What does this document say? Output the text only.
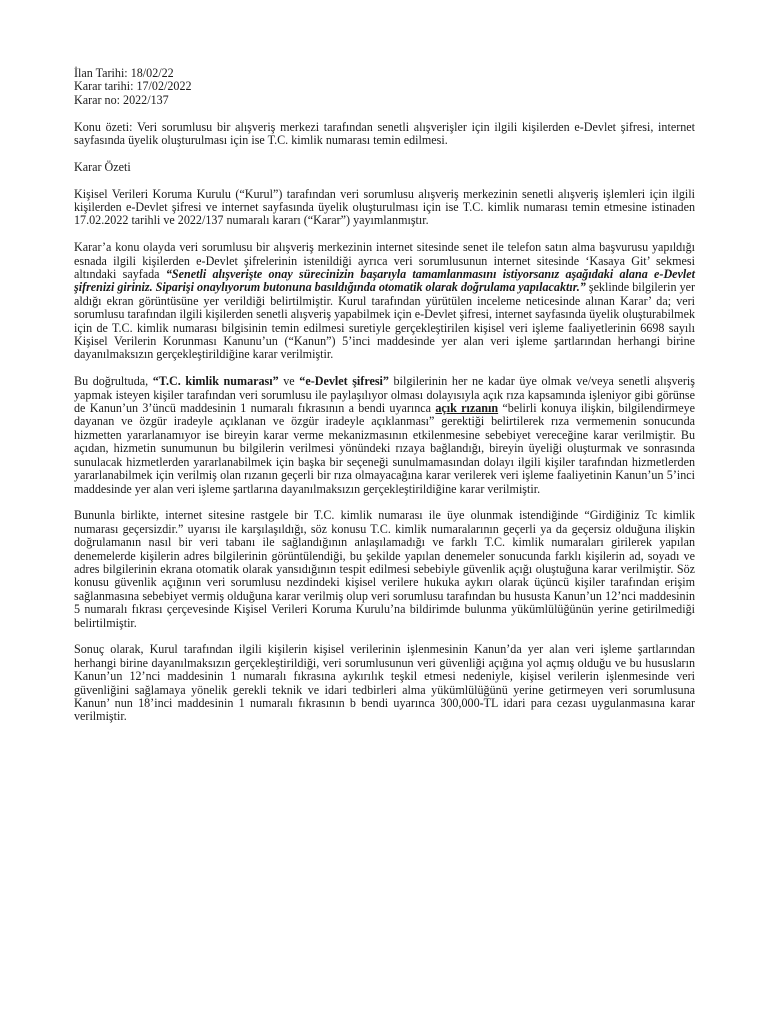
İlan Tarihi: 18/02/22

Karar tarihi: 17/02/2022

Karar no: 2022/137

Konu özeti: Veri sorumlusu bir alışveriş merkezi tarafından senetli alışverişler için ilgili kişilerden e-Devlet şifresi, internet sayfasında üyelik oluşturulması için ise T.C. kimlik numarası temin edilmesi.

Karar Özeti

Kişisel Verileri Koruma Kurulu (“Kurul”) tarafından veri sorumlusu alışveriş merkezinin senetli alışveriş işlemleri için ilgili kişilerden e-Devlet şifresi ve internet sayfasında üyelik oluşturulması için ise T.C. kimlik numarası temin etmesine istinaden 17.02.2022 tarihli ve 2022/137 numaralı kararı (“Karar”) yayımlanmıştır.

Karar’a konu olayda veri sorumlusu bir alışveriş merkezinin internet sitesinde senet ile telefon satın alma başvurusu yapıldığı esnada ilgili kişilerden e-Devlet şifrelerinin istenildiği ayrıca veri sorumlusunun internet sitesinde ‘Kasaya Git’ sekmesi altındaki sayfada “Senetli alışverişte onay sürecinizin başarıyla tamamlanmasını istiyorsanız aşağıdaki alana e-Devlet şifrenizi giriniz. Siparişi onaylıyorum butonuna basıldığında otomatik olarak doğrulama yapılacaktır.” şeklinde bilgilerin yer aldığı ekran görüntüsüne yer verildiği belirtilmiştir. Kurul tarafından yürütülen inceleme neticesinde alınan Karar’ da; veri sorumlusu tarafından ilgili kişilerden senetli alışveriş yapabilmek için e-Devlet şifresi, internet sayfasında üyelik oluşturabilmek için de T.C. kimlik numarası bilgisinin temin edilmesi suretiyle gerçekleştirilen kişisel veri işleme faaliyetlerinin 6698 sayılı Kişisel Verilerin Korunması Kanunu’un (“Kanun”) 5’inci maddesinde yer alan veri işleme şartlarından herhangi birine dayanılmaksızın gerçekleştirildiğine karar verilmiştir.

Bu doğrultuda, “T.C. kimlik numarası” ve “e-Devlet şifresi” bilgilerinin her ne kadar üye olmak ve/veya senetli alışveriş yapmak isteyen kişiler tarafından veri sorumlusu ile paylaşılıyor olması dolayısıyla açık rıza kapsamında işleniyor gibi görünse de Kanun’un 3’üncü maddesinin 1 numaralı fıkrasının a bendi uyarınca açık rızanın “belirli konuya ilişkin, bilgilendirmeye dayanan ve özgür iradeyle açıklanan ve özgür iradeyle açıklanması” gerektiği belirtilerek rıza vermemenin sonucunda hizmetten yararlanamıyor ise bireyin karar verme mekanizmasının etkilenmesine sebebiyet vereceğine karar verilmiştir. Bu açıdan, hizmetin sunumunun bu bilgilerin verilmesi yönündeki rızaya bağlandığı, bireyin üyeliği oluşturmak ve sonrasında sunulacak hizmetlerden yararlanabilmek için başka bir seçeneği sunulmamasından dolayı ilgili kişiler tarafından hizmetlerden yararlanabilmek için verilmiş olan rızanın geçerli bir rıza olmayacağına karar verilerek veri işleme faaliyetinin Kanun’un 5’inci maddesinde yer alan veri işleme şartlarına dayanılmaksızın gerçekleştirildiğine karar verilmiştir.

Bununla birlikte, internet sitesine rastgele bir T.C. kimlik numarası ile üye olunmak istendiğinde “Girdiğiniz Tc kimlik numarası geçersizdir.” uyarısı ile karşılaşıldığı, söz konusu T.C. kimlik numaralarının geçerli ya da geçersiz olduğuna ilişkin doğrulamanın nasıl bir veri tabanı ile sağlandığının anlaşılamadığı ve farklı T.C. kimlik numaraları girilerek yapılan denemelerde kişilerin adres bilgilerinin görüntülendiği, bu şekilde yapılan denemeler sonucunda farklı kişilerin ad, soyadı ve adres bilgilerinin ekrana otomatik olarak yansıdığının tespit edilmesi sebebiyle güvenlik açığı oluştuğuna karar verilmiştir. Söz konusu güvenlik açığının veri sorumlusu nezdindeki kişisel verilere hukuka aykırı olarak üçüncü kişiler tarafından erişim sağlanmasına sebebiyet vermiş olduğuna karar verilmiş olup veri sorumlusu tarafından bu hususta Kanun’un 12’nci maddesinin 5 numaralı fıkrası çerçevesinde Kişisel Verileri Koruma Kurulu’na bildirimde bulunma yükümlülüğünün yerine getirilmediği belirtilmiştir.

Sonuç olarak, Kurul tarafından ilgili kişilerin kişisel verilerinin işlenmesinin Kanun’da yer alan veri işleme şartlarından herhangi birine dayanılmaksızın gerçekleştirildiği, veri sorumlusunun veri güvenliği açığına yol açmış olduğu ve bu hususların Kanun’un 12’nci maddesinin 1 numaralı fıkrasına aykırılık teşkil etmesi nedeniyle, kişisel verilerin işlenmesinde veri güvenliğini sağlamaya yönelik gerekli teknik ve idari tedbirleri alma yükümlülüğünü yerine getirmeyen veri sorumlusuna Kanun’ nun 18’inci maddesinin 1 numaralı fıkrasının b bendi uyarınca 300,000-TL idari para cezası uygulanmasına karar verilmiştir.
